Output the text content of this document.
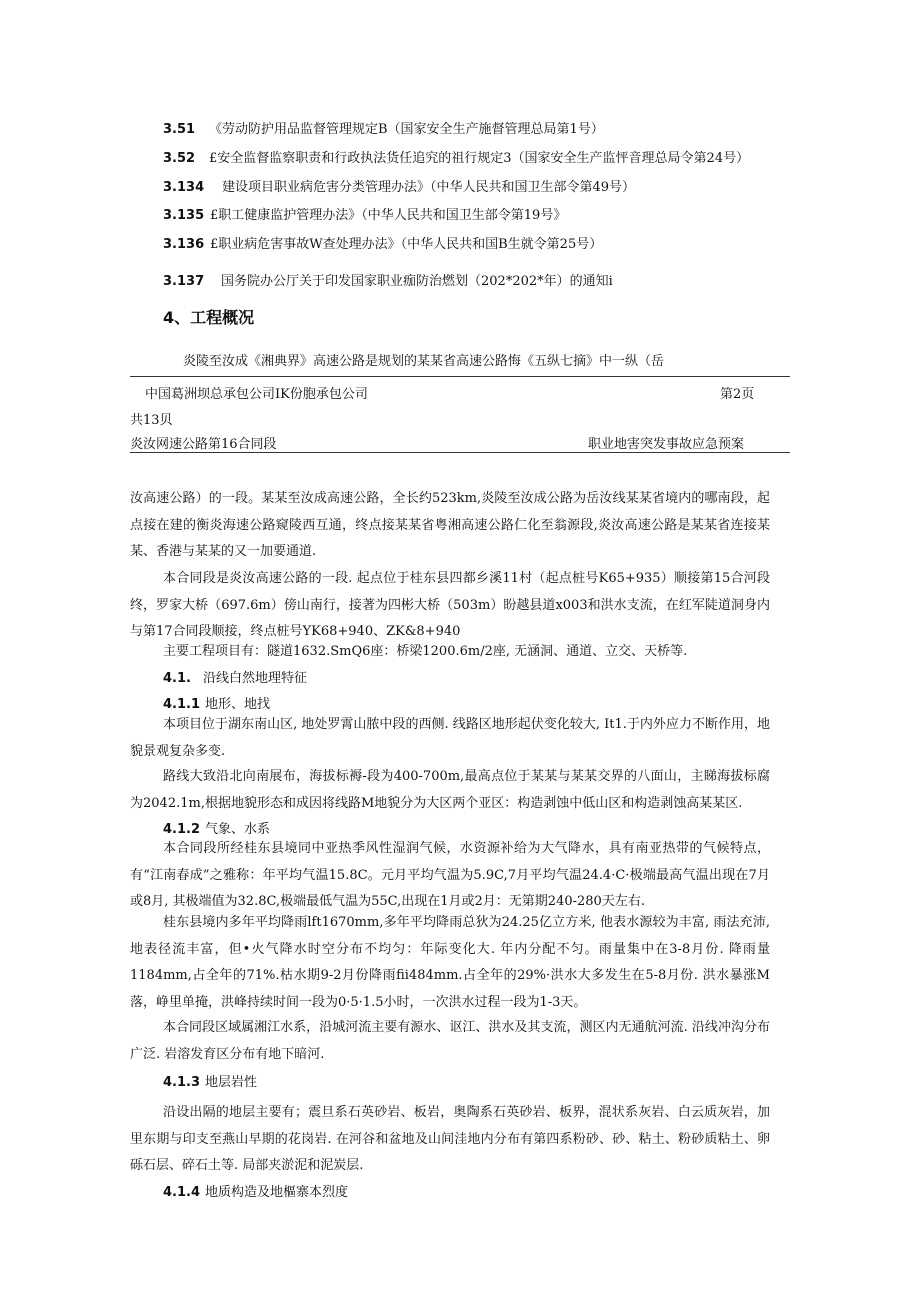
3.51 《劳动防护用品监督管理规定B（国家安全生产施督管理总局第1号）
3.52 £安全监督监察职责和行政执法货任追究的祖行规定3（国家安全生产监怦音理总局令第24号）
3.134 建设项目职业病危害分类管理办法》（中华人民共和国卫生部令第49号）
3.135 £职工健康监护管理办法》（中华人民共和国卫生部令第19号》
3.136 £职业病危害事故W查处理办法》（中华人民共和国B生就令第25号）
3.137 国务院办公厅关于印发国家职业痂防治燃划（202*202*年）的通知i
4、工程概况
炎陵至汝成《湘典界》高速公路是规划的某某省高速公路悔《五纵七摘》中一纵（岳
中国葛洲坝总承包公司IK份胞承包公司	第2页
共13贝
炎汝网速公路第16合同段	职业地害突发事故应急预案

汝高速公路）的一段。某某至汝成高速公路，全长约523km,炎陵至汝成公路为岳汝线某某省境内的哪南段，起点接在建的衡炎海速公路窥陵西互通，终点接某某省粤湘高速公路仁化至翁源段,炎汝高速公路是某某省连接某某、香港与某某的又一加要通道.

本合同段是炎汝高速公路的一段. 起点位于桂东县四都乡溪11村（起点桩号K65+935）顺接第15合河段终，罗家大桥（697.6m）傍山南行，接著为四彬大桥（503m）盼越县道x003和洪水支流，在红军陡道洞身内与第17合同段顺接，终点桩号YK68+940、ZK&8+940

主要工程项目有：隧道1632.SmQ6座：桥梁1200.6m/2座, 无涵洞、通道、立交、天桥等.

4.1. 沿线白然地理特征
4.1.1 地形、地找

本项目位于湖东南山区, 地处罗霄山脓中段的西侧. 线路区地形起伏变化较大, It1.于内外应力不断作用，地貌景观复杂多变.

路线大致沿北向南展布，海拔标褥-段为400-700m,最高点位于某某与某某交界的八面山，主睇海拔标腐为2042.1m,根据地貌形态和成因将线路M地貌分为大区两个亚区：构造剥蚀中低山区和构造剥蚀高某某区.

4.1.2 气象、水系

本合同段所经桂东县境同中亚热季风性湿润气候，水资源补给为大气降水，具有南亚热带的气候特点，有“江南春成”之雅称：年平均气温15.8C。元月平均气温为5.9C,7月平均气温24.4·C·极端最高气温出现在7月或8月, 其极端值为32.8C,极端最低气温为55C,出现在1月或2月：无第期240-280天左右.

桂东县境内多年平均降雨lft1670mm,多年平均降雨总狄为24.25亿立方米, 他表水源较为丰富, 雨法充沛, 地表径流丰富，但•火气降水时空分布不均匀：年际变化大. 年内分配不匀。雨量集中在3-8月份. 降雨量1184mm,占全年的71%.枯水期9-2月份降雨fii484mm.占全年的29%·洪水大多发生在5-8月份. 洪水暴涨M落，峥里单掩，洪峰持续时间一段为0·5·1.5小时，一次洪水过程一段为1-3天。

本合同段区域属湘江水系，沿城河流主要有源水、讴江、洪水及其支流，测区内无通航河流. 沿线冲沟分布广泛. 岩溶发育区分布有地下暗河.

4.1.3 地层岩性

沿设出隔的地层主要有；震旦系石英砂岩、板岩，奥陶系石英砂岩、板界，混状系灰岩、白云质灰岩，加里东期与印支至燕山早期的花岗岩. 在河谷和盆地及山间洼地内分布有第四系粉砂、砂、粘土、粉砂质粘土、卵砾石层、碎石土等. 局部夹淤泥和泥炭层.

4.1.4 地质构造及地樞寨本烈度
